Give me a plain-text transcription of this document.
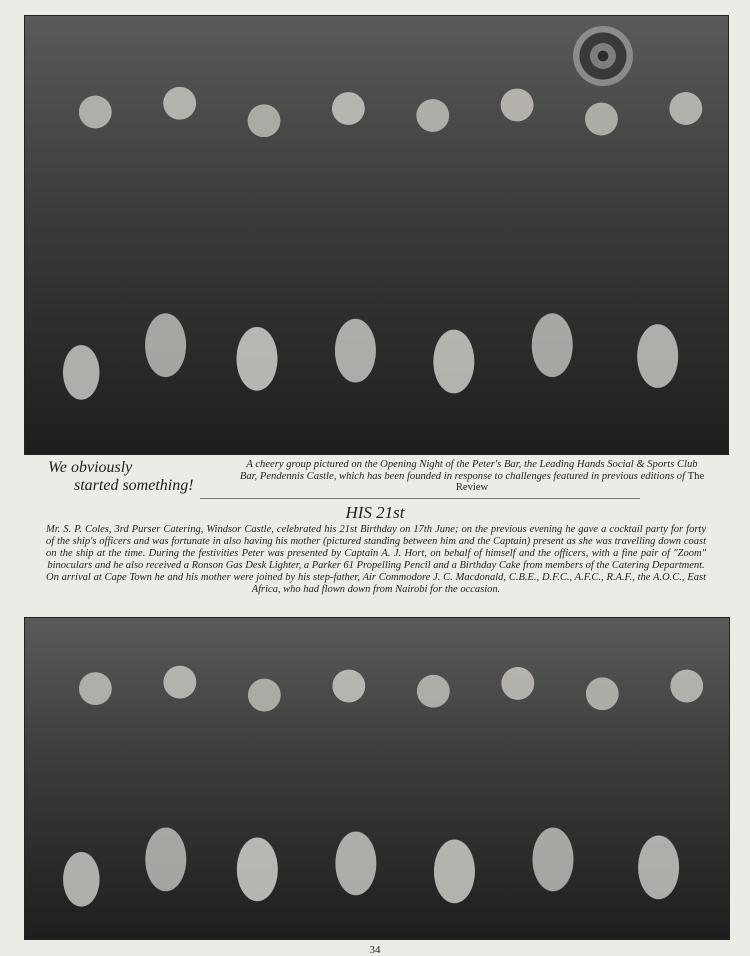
We obviously
started something!
A cheery group pictured on the Opening Night of the Peter's Bar, the Leading Hands Social & Sports Club Bar, Pendennis Castle, which has been founded in response to challenges featured in previous editions of The Review
HIS 21st

Mr. S. P. Coles, 3rd Purser Catering, Windsor Castle, celebrated his 21st Birthday on 17th June; on the previous evening he gave a cocktail party for forty of the ship's officers and was fortunate in also having his mother (pictured standing between him and the Captain) present as she was travelling down coast on the ship at the time. During the festivities Peter was presented by Captain A. J. Hort, on behalf of himself and the officers, with a fine pair of "Zoom" binoculars and he also received a Ronson Gas Desk Lighter, a Parker 61 Propelling Pencil and a Birthday Cake from members of the Catering Department.

On arrival at Cape Town he and his mother were joined by his step-father, Air Commodore J. C. Macdonald, C.B.E., D.F.C., A.F.C., R.A.F., the A.O.C., East Africa, who had flown down from Nairobi for the occasion.

34
